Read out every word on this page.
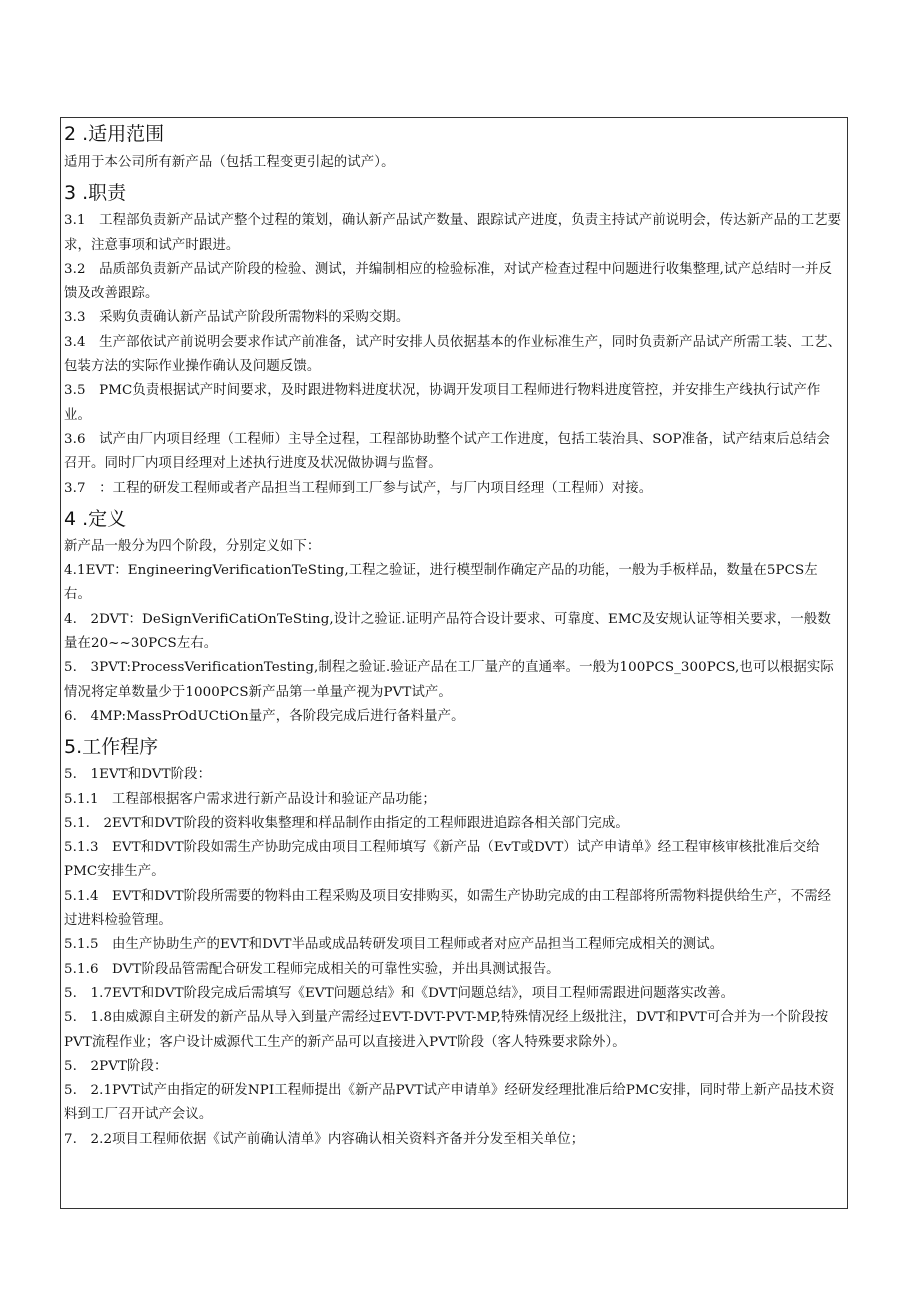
2 .适用范围

适用于本公司所有新产品（包括工程变更引起的试产）。

3 .职责

3.1　工程部负责新产品试产整个过程的策划，确认新产品试产数量、跟踪试产进度，负责主持试产前说明会，传达新产品的工艺要求，注意事项和试产时跟进。

3.2　品质部负责新产品试产阶段的检验、测试，并编制相应的检验标准，对试产检查过程中问题进行收集整理,试产总结时一并反馈及改善跟踪。

3.3　采购负责确认新产品试产阶段所需物料的采购交期。

3.4　生产部依试产前说明会要求作试产前准备，试产时安排人员依据基本的作业标准生产，同时负责新产品试产所需工装、工艺、包装方法的实际作业操作确认及问题反馈。

3.5　PMC负责根据试产时间要求，及时跟进物料进度状况，协调开发项目工程师进行物料进度管控，并安排生产线执行试产作业。

3.6　试产由厂内项目经理（工程师）主导全过程，工程部协助整个试产工作进度，包括工装治具、SOP准备，试产结束后总结会召开。同时厂内项目经理对上述执行进度及状况做协调与监督。

3.7　：工程的研发工程师或者产品担当工程师到工厂参与试产，与厂内项目经理（工程师）对接。

4 .定义

新产品一般分为四个阶段，分别定义如下：

4.1EVT：EngineeringVerificationTeSting,工程之验证，进行模型制作确定产品的功能，一般为手板样品，数量在5PCS左右。

4.　2DVT：DeSignVerifiCatiOnTeSting,设计之验证.证明产品符合设计要求、可靠度、EMC及安规认证等相关要求，一般数量在20~~30PCS左右。

5.　3PVT:ProcessVerificationTesting,制程之验证.验证产品在工厂量产的直通率。一般为100PCS_300PCS,也可以根据实际情况将定单数量少于1000PCS新产品第一单量产视为PVT试产。

6.　4MP:MassPrOdUCtiOn量产，各阶段完成后进行备料量产。

5.工作程序

5.　1EVT和DVT阶段：

5.1.1　工程部根据客户需求进行新产品设计和验证产品功能；

5.1.　2EVT和DVT阶段的资料收集整理和样品制作由指定的工程师跟进追踪各相关部门完成。

5.1.3　EVT和DVT阶段如需生产协助完成由项目工程师填写《新产品（EvT或DVT）试产申请单》经工程审核审核批准后交给PMC安排生产。

5.1.4　EVT和DVT阶段所需要的物料由工程采购及项目安排购买，如需生产协助完成的由工程部将所需物料提供给生产，不需经过进料检验管理。

5.1.5　由生产协助生产的EVT和DVT半品或成品转研发项目工程师或者对应产品担当工程师完成相关的测试。

5.1.6　DVT阶段品管需配合研发工程师完成相关的可靠性实验，并出具测试报告。

5.　1.7EVT和DVT阶段完成后需填写《EVT问题总结》和《DVT问题总结》，项目工程师需跟进问题落实改善。

5.　1.8由威源自主研发的新产品从导入到量产需经过EVT-DVT-PVT-MP,特殊情况经上级批注，DVT和PVT可合并为一个阶段按PVT流程作业；客户设计威源代工生产的新产品可以直接进入PVT阶段（客人特殊要求除外）。

5.　2PVT阶段：

5.　2.1PVT试产由指定的研发NPI工程师提出《新产品PVT试产申请单》经研发经理批准后给PMC安排，同时带上新产品技术资料到工厂召开试产会议。

7.　2.2项目工程师依据《试产前确认清单》内容确认相关资料齐备并分发至相关单位；
